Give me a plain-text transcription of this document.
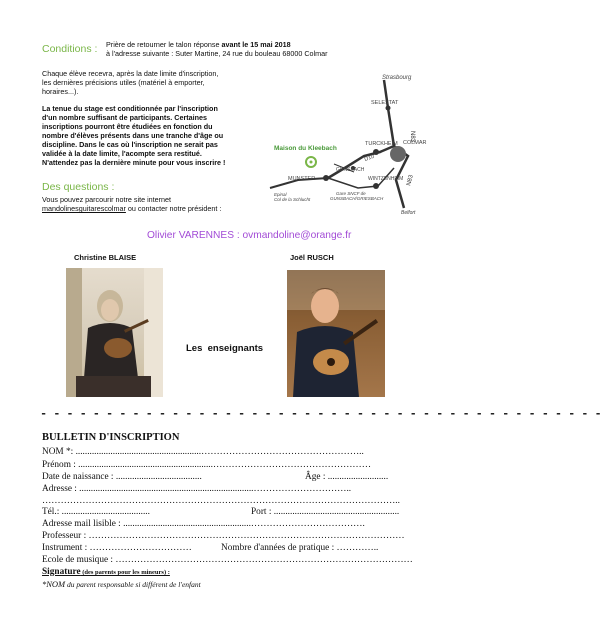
Conditions : Prière de retourner le talon réponse avant le 15 mai 2018
à l'adresse suivante : Suter Martine, 24 rue du bouleau 68000 Colmar
Chaque élève recevra, après la date limite d'inscription,
les dernières précisions utiles (matériel à emporter,
horaires...).
La tenue du stage est conditionnée par l'inscription
d'un nombre suffisant de participants. Certaines
inscriptions pourront être étudiées en fonction du
nombre d'élèves présents dans une tranche d'âge ou
discipline. Dans le cas où l'inscription ne serait pas
validée à la date limite, l'acompte sera restitué.
N'attendez pas la dernière minute pour vous inscrire !
Des questions :
Vous pouvez parcourir notre site internet
mandolinesguitarescolmar ou contacter notre président :
Strasbourg
SELESTAT
N83
Maison du Kleebach
TURCKHEIM COLMAR
D10
GUNSBACH
MUNSTER	WINTZENHEIM
Epinal
Col de la Schlucht
Gare SNCF de
GUNSBACH/GRIESBACH
N83
Belfort
Olivier VARENNES : ovmandoline@orange.fr
Christine BLAISE	Joël RUSCH
Les  enseignants
- - - - - - - - - - - - - - - - - - - - - - - - - - - - - - - - - - - - - - - - - - -
BULLETIN D'INSCRIPTION
NOM *: ......................................................……………………………………………..
Prénom : ..........................................................……………………………………………
Date de naissance : .....................................	Âge : ..........................
Adresse : ...........................................................................…………………………..
……………………………………………………………………………………………………..
Tél.: ......................................	Port : ......................................................
Adresse mail lisible : .......................................................……………………………….
Professeur : …………………………………………………………………………………………
Instrument : ……………………………	Nombre d'années de pratique : …………..
Ecole de musique : ……………………………………………………………………………………
Signature (des parents pour les mineurs) :
*NOM du parent responsable si différent de l'enfant
